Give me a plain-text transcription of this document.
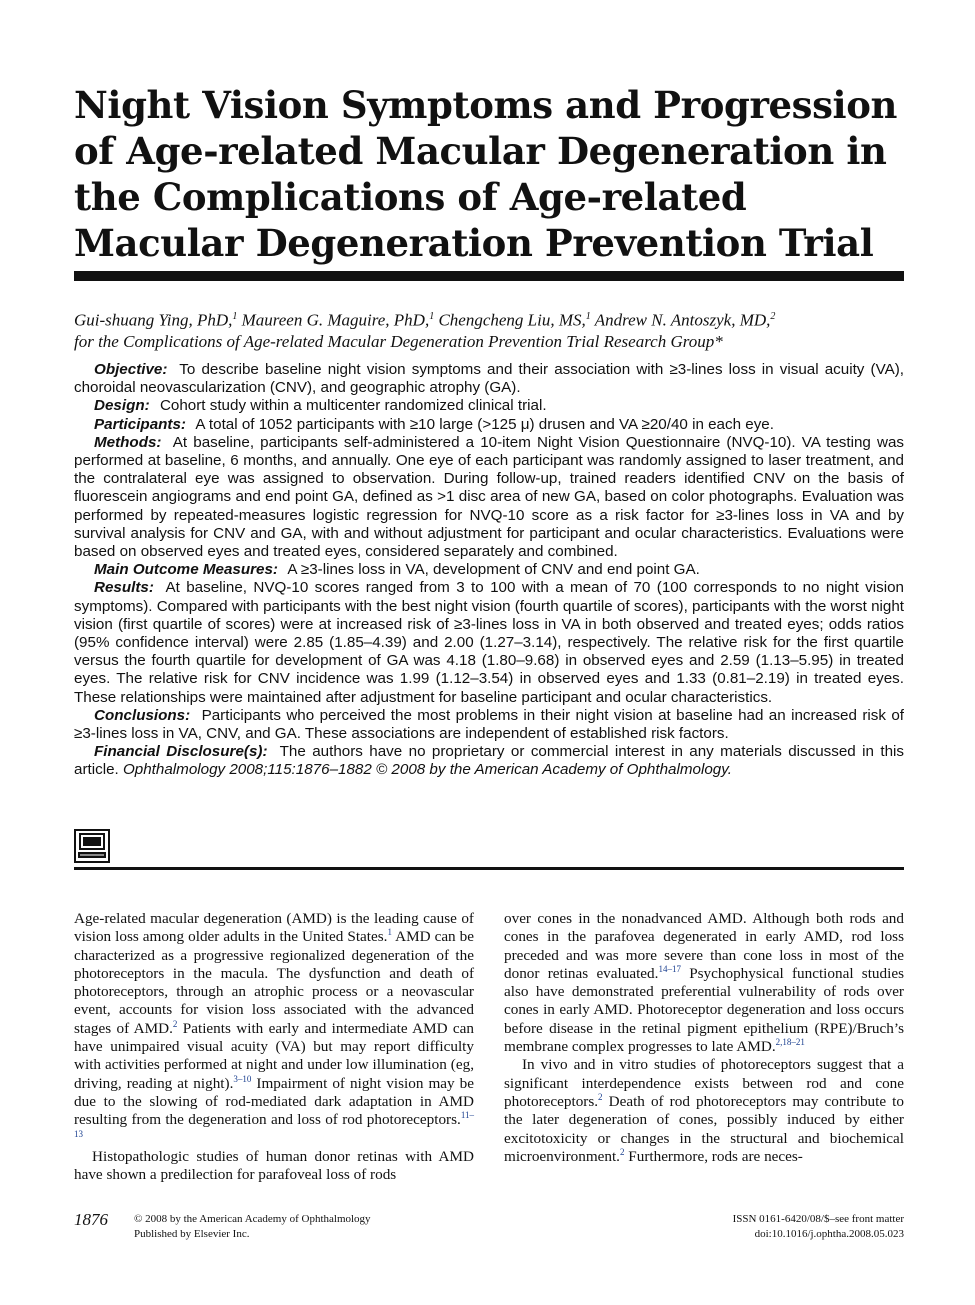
Night Vision Symptoms and Progression of Age-related Macular Degeneration in the Complications of Age-related Macular Degeneration Prevention Trial
Gui-shuang Ying, PhD,$^1$ Maureen G. Maguire, PhD,$^1$ Chengcheng Liu, MS,$^1$ Andrew N. Antoszyk, MD,$^2$
for the Complications of Age-related Macular Degeneration Prevention Trial Research Group*

Objective: To describe baseline night vision symptoms and their association with ≥3-lines loss in visual acuity (VA), choroidal neovascularization (CNV), and geographic atrophy (GA).

Design: Cohort study within a multicenter randomized clinical trial.

Participants: A total of 1052 participants with ≥10 large (>125 μ) drusen and VA ≥20/40 in each eye.

Methods: At baseline, participants self-administered a 10-item Night Vision Questionnaire (NVQ-10). VA testing was performed at baseline, 6 months, and annually. One eye of each participant was randomly assigned to laser treatment, and the contralateral eye was assigned to observation. During follow-up, trained readers identified CNV on the basis of fluorescein angiograms and end point GA, defined as >1 disc area of new GA, based on color photographs. Evaluation was performed by repeated-measures logistic regression for NVQ-10 score as a risk factor for ≥3-lines loss in VA and by survival analysis for CNV and GA, with and without adjustment for participant and ocular characteristics. Evaluations were based on observed eyes and treated eyes, considered separately and combined.

Main Outcome Measures: A ≥3-lines loss in VA, development of CNV and end point GA.

Results: At baseline, NVQ-10 scores ranged from 3 to 100 with a mean of 70 (100 corresponds to no night vision symptoms). Compared with participants with the best night vision (fourth quartile of scores), participants with the worst night vision (first quartile of scores) were at increased risk of ≥3-lines loss in VA in both observed and treated eyes; odds ratios (95% confidence interval) were 2.85 (1.85–4.39) and 2.00 (1.27–3.14), respectively. The relative risk for the first quartile versus the fourth quartile for development of GA was 4.18 (1.80–9.68) in observed eyes and 2.59 (1.13–5.95) in treated eyes. The relative risk for CNV incidence was 1.99 (1.12–3.54) in observed eyes and 1.33 (0.81–2.19) in treated eyes. These relationships were maintained after adjustment for baseline participant and ocular characteristics.

Conclusions: Participants who perceived the most problems in their night vision at baseline had an increased risk of ≥3-lines loss in VA, CNV, and GA. These associations are independent of established risk factors.

Financial Disclosure(s): The authors have no proprietary or commercial interest in any materials discussed in this article. Ophthalmology 2008;115:1876–1882 © 2008 by the American Academy of Ophthalmology.

Age-related macular degeneration (AMD) is the leading cause of vision loss among older adults in the United States.$^1$ AMD can be characterized as a progressive regionalized degeneration of the photoreceptors in the macula. The dysfunction and death of photoreceptors, through an atrophic process or a neovascular event, accounts for vision loss associated with the advanced stages of AMD.$^2$ Patients with early and intermediate AMD can have unimpaired visual acuity (VA) but may report difficulty with activities performed at night and under low illumination (eg, driving, reading at night).$^{3-10}$ Impairment of night vision may be due to the slowing of rod-mediated dark adaptation in AMD resulting from the degeneration and loss of rod photoreceptors.$^{11-13}$

Histopathologic studies of human donor retinas with AMD have shown a predilection for parafoveal loss of rods

over cones in the nonadvanced AMD. Although both rods and cones in the parafovea degenerated in early AMD, rod loss preceded and was more severe than cone loss in most of the donor retinas evaluated.$^{14-17}$ Psychophysical functional studies also have demonstrated preferential vulnerability of rods over cones in early AMD. Photoreceptor degeneration and loss occurs before disease in the retinal pigment epithelium (RPE)/Bruch’s membrane complex progresses to late AMD.$^{2,18-21}$

In vivo and in vitro studies of photoreceptors suggest that a significant interdependence exists between rod and cone photoreceptors.$^2$ Death of rod photoreceptors may contribute to the later degeneration of cones, possibly induced by either excitotoxicity or changes in the structural and biochemical microenvironment.$^2$ Furthermore, rods are neces-

1876 © 2008 by the American Academy of Ophthalmology
Published by Elsevier Inc.
ISSN 0161-6420/08/$–see front matter
doi:10.1016/j.ophtha.2008.05.023
